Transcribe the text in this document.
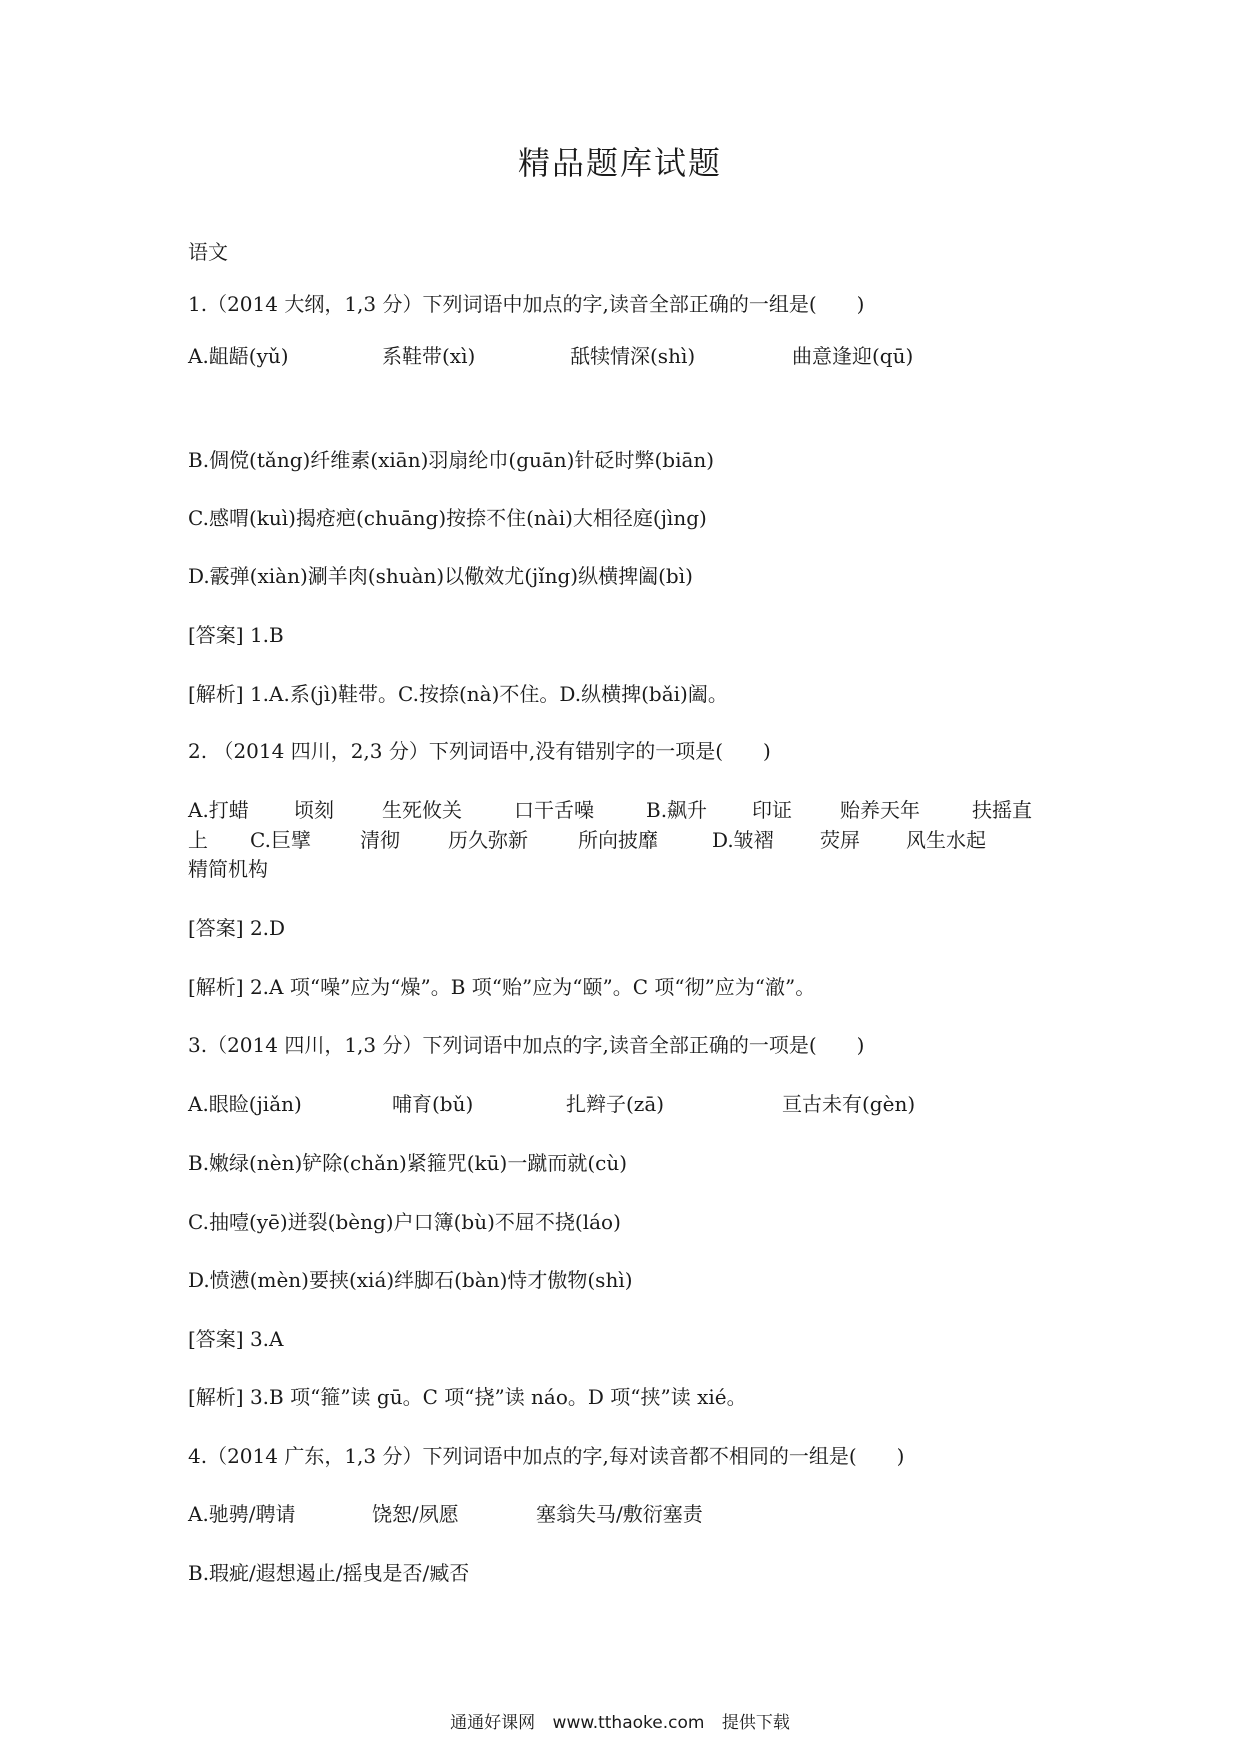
精品题库试题
语文
1.（2014 大纲，1,3 分）下列词语中加点的字,读音全部正确的一组是(　　)
A.龃龉(yǔ)	系鞋带(xì)	舐犊情深(shì)	曲意逢迎(qū)
B.倜傥(tǎng)纤维素(xiān)羽扇纶巾(guān)针砭时弊(biān)
C.感喟(kuì)揭疮疤(chuāng)按捺不住(nài)大相径庭(jìng)
D.霰弹(xiàn)涮羊肉(shuàn)以儆效尤(jǐng)纵横捭阖(bì)
[答案] 1.B
[解析] 1.A.系(jì)鞋带。C.按捺(nà)不住。D.纵横捭(bǎi)阖。
2. （2014 四川，2,3 分）下列词语中,没有错别字的一项是(　　)
A.打蜡 顷刻 生死攸关	口干舌噪	B.飙升 印证 贻养天年	扶摇直
上 C.巨擘 清彻 历久弥新	所向披靡	D.皱褶 荧屏 风生水起
精简机构
[答案] 2.D
[解析] 2.A 项“噪”应为“燥”。B 项“贻”应为“颐”。C 项“彻”应为“澈”。
3.（2014 四川，1,3 分）下列词语中加点的字,读音全部正确的一项是(　　)
A.眼睑(jiǎn)	哺育(bǔ)	扎辫子(zā)	亘古未有(gèn)
B.嫩绿(nèn)铲除(chǎn)紧箍咒(kū)一蹴而就(cù)
C.抽噎(yē)迸裂(bèng)户口簿(bù)不屈不挠(láo)
D.愤懑(mèn)要挟(xiá)绊脚石(bàn)恃才傲物(shì)
[答案] 3.A
[解析] 3.B 项“箍”读 gū。C 项“挠”读 náo。D 项“挟”读 xié。
4.（2014 广东，1,3 分）下列词语中加点的字,每对读音都不相同的一组是(　　)
A.驰骋/聘请	饶恕/夙愿	塞翁失马/敷衍塞责
B.瑕疵/遐想遏止/摇曳是否/臧否
通通好课网 www.tthaoke.com 提供下载
